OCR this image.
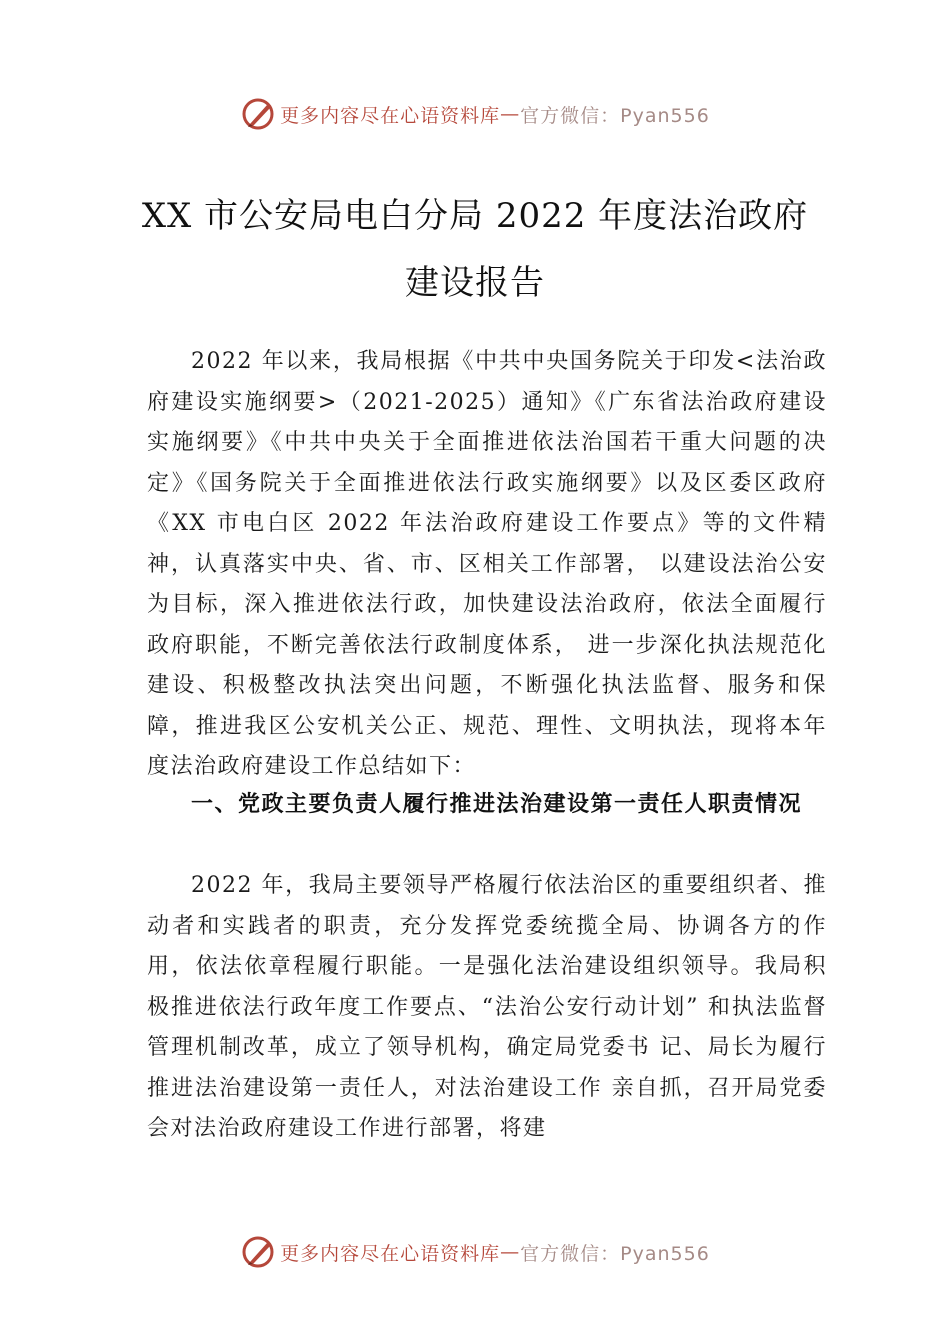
更多内容尽在心语资料库 — 官方微信：Pyan556
XX 市公安局电白分局 2022 年度法治政府
建设报告
2022 年以来，我局根据《中共中央国务院关于印发<法治政府建设实施纲要>（2021-2025）通知》《广东省法治政府建设实施纲要》《中共中央关于全面推进依法治国若干重大问题的决定》《国务院关于全面推进依法行政实施纲要》以及区委区政府《XX 市电白区 2022 年法治政府建设工作要点》等的文件精神，认真落实中央、省、市、区相关工作部署， 以建设法治公安为目标，深入推进依法行政，加快建设法治政府，依法全面履行政府职能，不断完善依法行政制度体系， 进一步深化执法规范化建设、积极整改执法突出问题，不断强化执法监督、服务和保障，推进我区公安机关公正、规范、理性、文明执法，现将本年度法治政府建设工作总结如下：
一、党政主要负责人履行推进法治建设第一责任人职责情况
2022 年，我局主要领导严格履行依法治区的重要组织者、推动者和实践者的职责，充分发挥党委统揽全局、协调各方的作用，依法依章程履行职能。一是强化法治建设组织领导。我局积极推进依法行政年度工作要点、“法治公安行动计划” 和执法监督管理机制改革，成立了领导机构，确定局党委书 记、局长为履行推进法治建设第一责任人，对法治建设工作 亲自抓，召开局党委会对法治政府建设工作进行部署，将建
更多内容尽在心语资料库 — 官方微信：Pyan556
